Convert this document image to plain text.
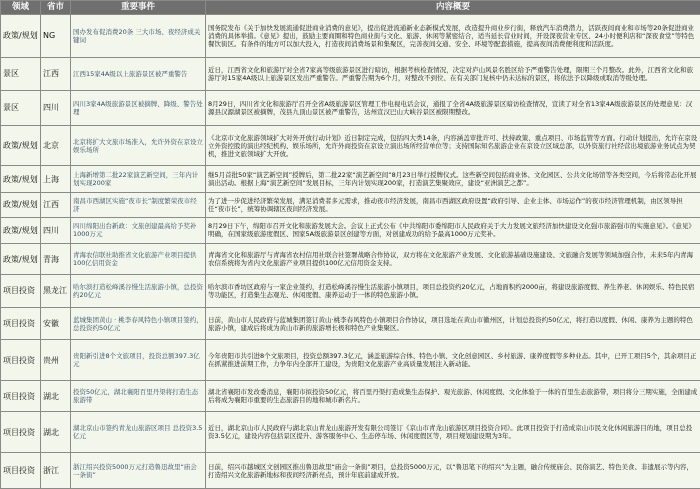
领域	省市	重要事件	内容概要

政策/规划	NG	国办发布促消费20条 三大市场、夜经济成关键词	国务院发布《关于加快发展流通促进商业消费的意见》，提出促进流通新业态新模式发展，改造提升商业步行街，释放汽车消费潜力，活跃夜间商业和市场等20条促进商业消费的具体举措。《意见》提出，鼓励主要商圈和特色商业街与文化、旅游、休闲等紧密结合，适当延长营业时间，开设深夜营业专区、24小时便利店和“深夜食堂”等特色餐饮街区。有条件的地方可以加大投入，打造夜间消费场景和集聚区，完善夜间交通、安全、环境等配套措施，提高夜间消费便利度和活跃度。

景区	江西	江西15家4A级以上旅游景区被严重警告	近日，江西省文化和旅游厅对全省7家高等级旅游景区进行暗访，根据考核检查情况，决定对庐山风景名胜区给予严重警告处理，限期三个月整改。此外，江西省文化和旅游厅对15家4A级以上旅游景区发出严重警告。严重警告期为6个月，对整改不到位、在有关部门复核中仍未达标的景区，将依法予以降级或取消等级处理。

景区	四川	四川3家4A级旅游景区被摘牌、降级、警告处理	8月29日，四川省文化和旅游厅召开全省A级旅游景区管理工作电视电话会议，通报了全省4A级旅游景区暗访检查情况，宣读了对全省13家4A级旅游景区的处理意见：汉源县汉源湖景区被摘牌，茂县九顶山景区被严重警告，达州宣汉巴山大峡谷景区被限期整改。

政策/规划	北京	北京将扩大文旅市场准入，允许外资在京设立娱乐场所	《北京市文化旅游领域扩大对外开放行动计划》近日制定完成，包括四大类14条，内容涵盖审批许可、扶持政策、重点项目、市场监管等方面。行动计划提出，允许在京设立外资控股的演出经纪机构、娱乐场所，允许外商投资在京设立演出场所经营单位等；支持国际知名旅游企业在京设立区域总部，以外资旅行社经营出境旅游业务试点为契机，推进文旅领域扩大开放。

政策/规划	上海	上海新增第二批22家演艺新空间，三年内计划实现200家	继5月首批50家“演艺新空间”授牌后，第二批22家“演艺新空间”8月23日举行授牌仪式。这些新空间包括商业体、文化园区、公共文化场馆等各类空间，今后将常态化开展演出活动。根据上海“演艺新空间”发展目标，三年内计划实现200家，打造演艺集聚效应，建设“亚洲演艺之都”。

政策/规划	江西	南昌市西湖区实施“夜市长”制度繁荣夜市经济	为了进一步促进经济繁荣发展，满足消费者多元需求，推动夜市经济发展，南昌市西湖区政府设置“政府引导、企业主体、市场运作”的夜市经济管理机制，由区领导担任“夜市长”，统筹协调辖区夜间经济发展。

政策/规划	四川	四川绵阳出台新政：文旅创建最高给予奖补1000万元	8月29日下午，绵阳市召开文化和旅游发展大会。会议上正式公布《中共绵阳市委绵阳市人民政府关于大力发展文旅经济加快建设文化强市旅游强市的实施意见》。《意见》明确，在国家级旅游度假区、国家5A级旅游景区创建等方面，对创建成功的给予最高1000万元奖补。

政策/规划	青海	青海农信联社助推省文化旅游产业项目提供100亿信用资金	青海省文化和旅游厅与青海省农村信用社联合社签署战略合作协议，双方将在文化旅游产业发展、文化旅游基础设施建设、文旅融合发展等领域加强合作，未来5年内青海农信系统将为省内文化旅游产业项目提供100亿元信用资金支持。

项目投资	黑龙江	哈尔滨打造松峰溪谷慢生活旅游小镇，总投资约20亿元	哈尔滨市香坊区政府与一家企业签约，打造松峰溪谷慢生活旅游小镇项目，项目总投资约20亿元，占地面积约2000亩，将建设旅游度假、养生养老、休闲娱乐、特色民宿等功能区，打造集生态观光、休闲度假、康养运动于一体的特色旅游小镇。

项目投资	安徽	蓝城集团黄山 · 桃李春风特色小镇项目签约，总投资约50亿元	日前，黄山市人民政府与蓝城集团签订黄山·桃李春风特色小镇项目合作协议，项目选址在黄山市徽州区，计划总投资约50亿元，将打造以度假、休闲、康养为主题的特色旅游小镇，建成后将成为黄山市新的旅游增长极和特色产业集聚区。

项目投资	贵州	贵阳新引进8个文旅项目，投资总额397.3亿元	今年贵阳市共引进8个文旅项目，投资总额397.3亿元，涵盖旅游综合体、特色小镇、文化创意园区、乡村旅游、康养度假等多种业态。其中，已开工项目5个，其余项目正在抓紧推进前期工作，力争年内全部开工建设，为贵阳文化旅游产业高质量发展注入新动能。

项目投资	湖北	投资50亿元，湖北襄阳百里丹渠将打造生态旅游带	湖北省襄阳市发改委消息，襄阳市拟投资50亿元，将百里丹渠打造成集生态保护、观光旅游、休闲度假、文化体验于一体的百里生态旅游带，项目将分三期实施，全面建成后将成为襄阳市重要的生态旅游目的地和城市新名片。

项目投资	湖北	湖北京山市签约青龙山旅游区项目 总投资3.5亿元	近日，湖北京山市人民政府与湖北京山青龙山旅游开发有限公司签订《京山市青龙山旅游区项目投资合同》。此项目投资于打造成京山市民文化休闲旅游目的地，项目总投资3.5亿元，建设内容包括景区提升、游客服务中心、生态停车场、休闲度假区等，项目规划建设期为3年。

项目投资	浙江	浙江绍兴投资5000万元打造鲁迅故里“庙会一条街”	日前，绍兴市越城区文创园区推出鲁迅故里“庙会一条街”项目，总投资5000万元，以“鲁迅笔下的绍兴”为主题，融合传统庙会、民俗演艺、特色美食、非遗展示等内容，打造绍兴文化旅游新地标和夜间经济新亮点，预计年底前建成开放。
